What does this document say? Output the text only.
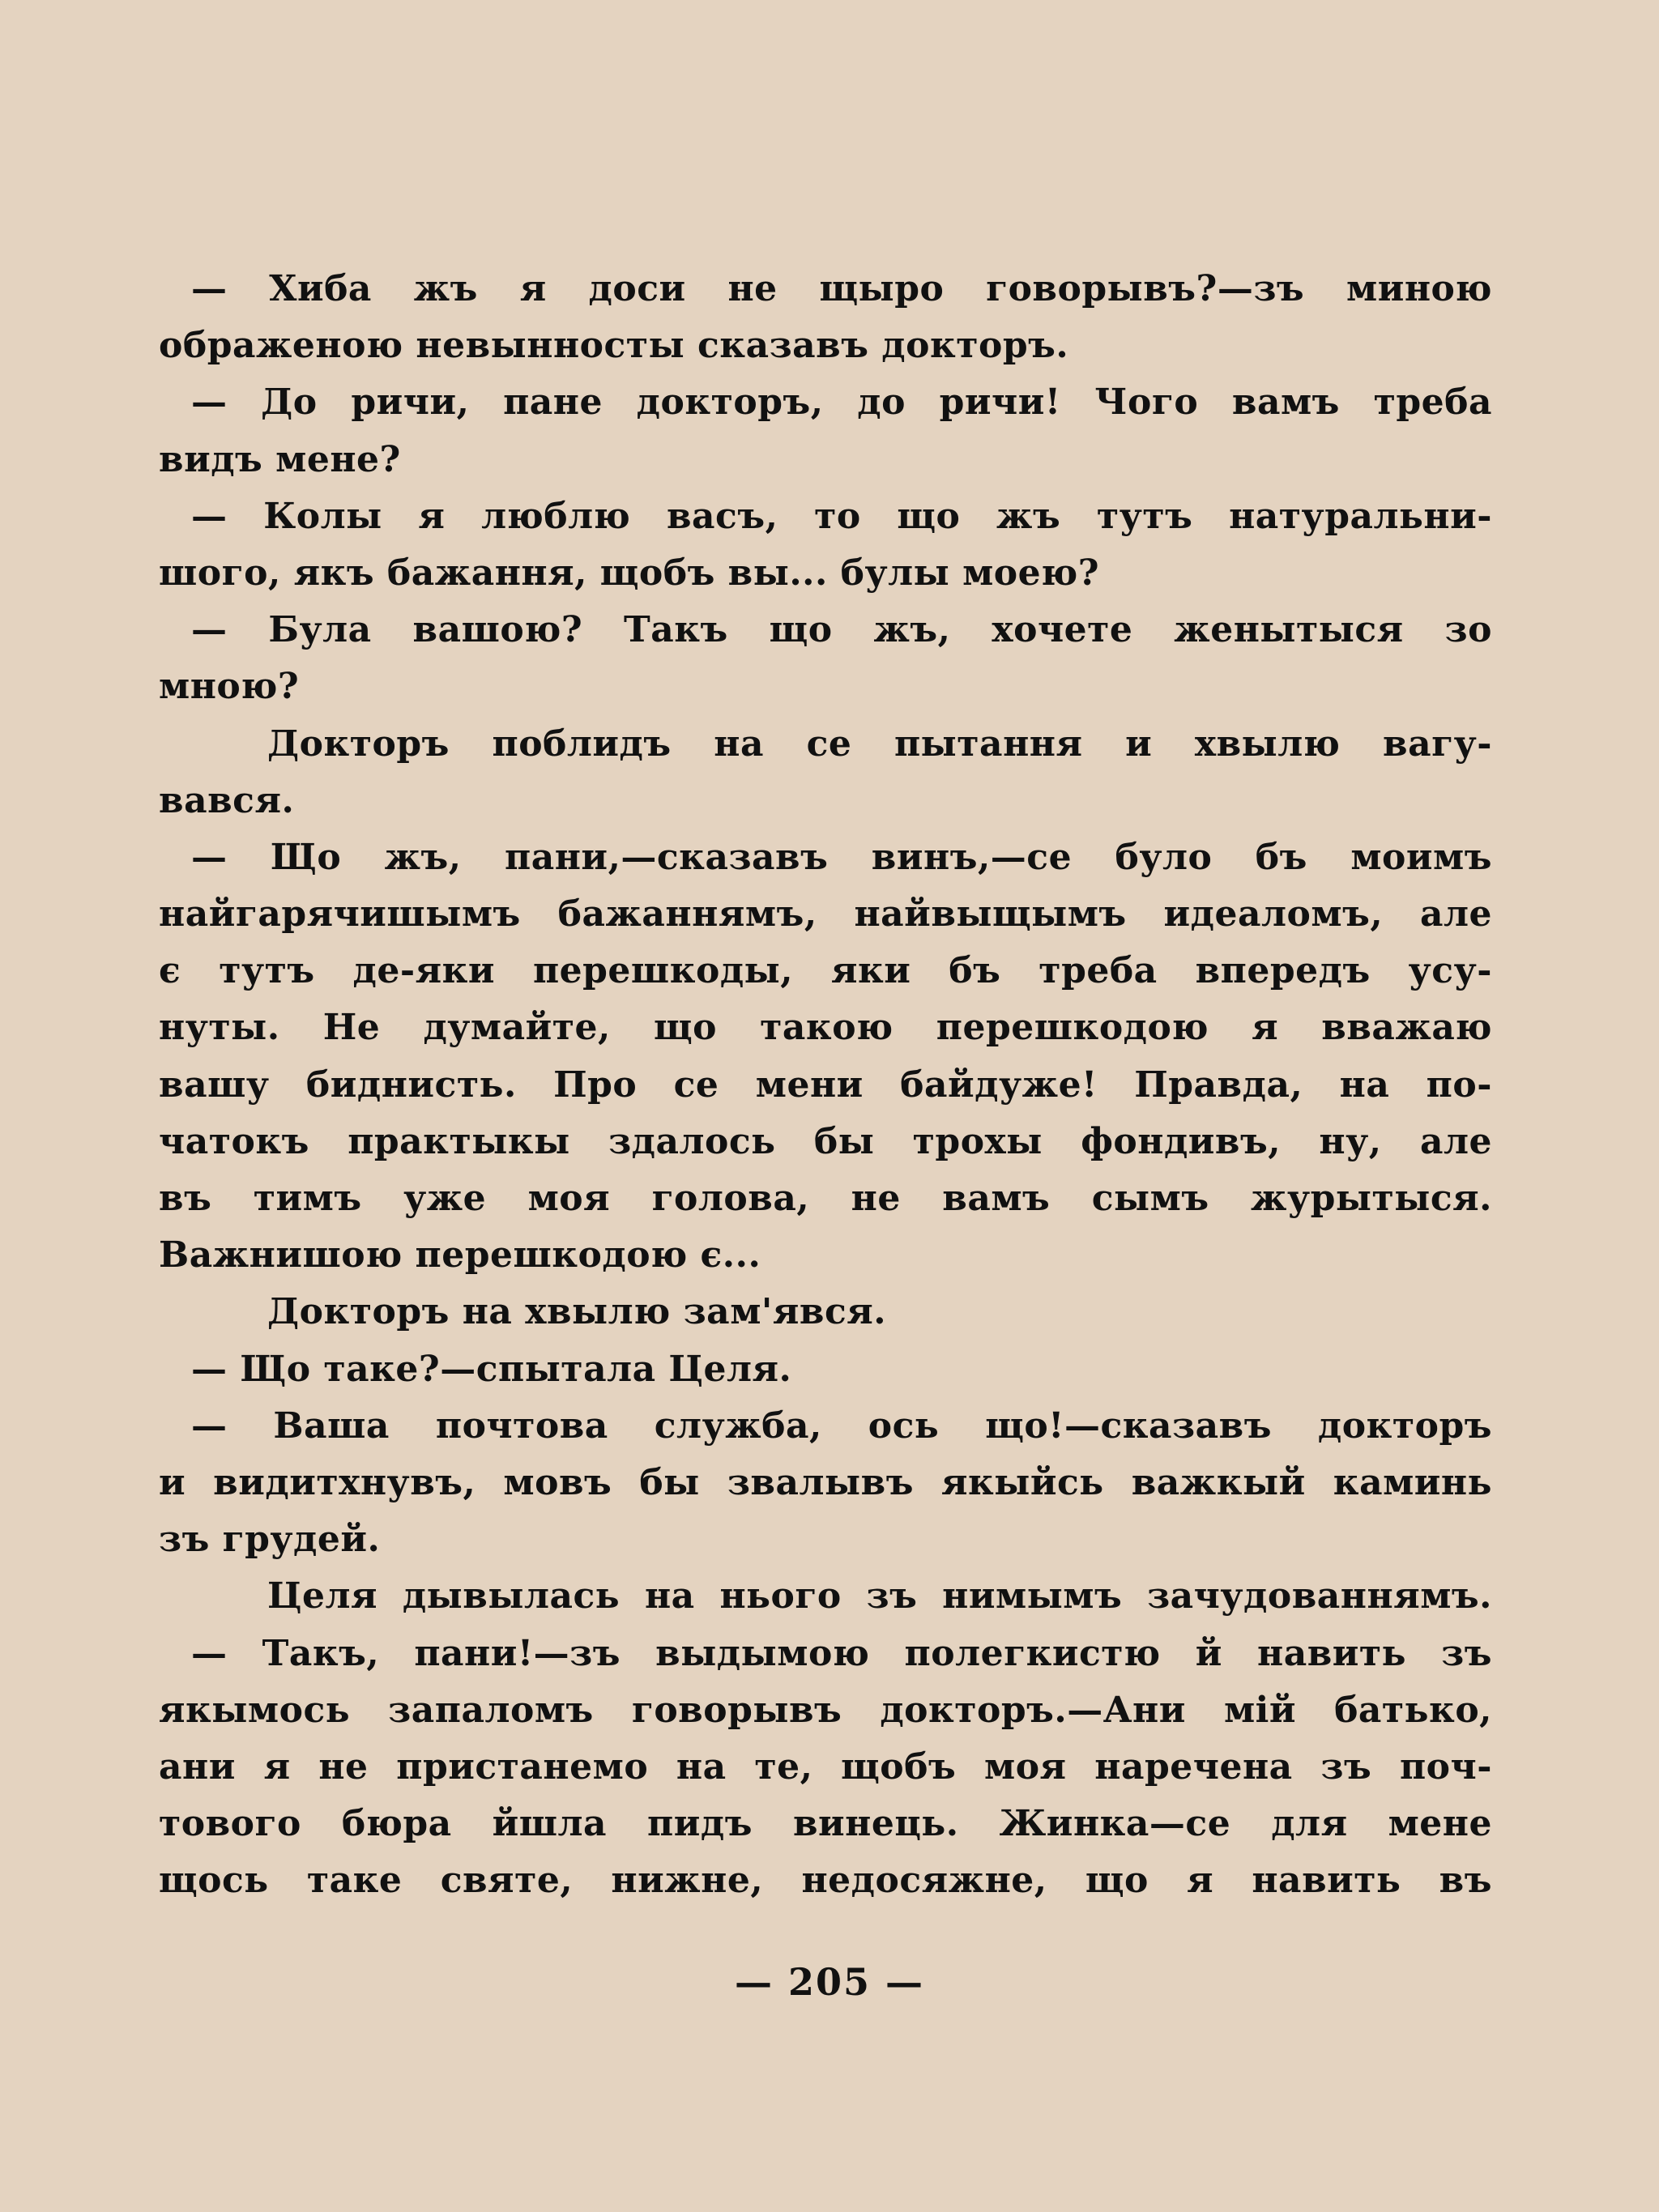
— Хиба жъ я доси не щыро говорывъ?—зъ миною
ображеною невынносты сказавъ докторъ.
— До ричи, пане докторъ, до ричи! Чого вамъ треба
видъ мене?
— Колы я люблю васъ, то що жъ тутъ натуральни-
шого, якъ бажання, щобъ вы... булы моею?
— Була вашою? Такъ що жъ, хочете женытыся зо
мною?
Докторъ поблидъ на се пытання и хвылю вагу-
вався.
— Що жъ, пани,—сказавъ винъ,—се було бъ моимъ
найгарячишымъ бажаннямъ, найвыщымъ идеаломъ, але
є тутъ де-яки перешкоды, яки бъ треба впередъ усу-
нуты. Не думайте, що такою перешкодою я вважаю
вашу биднисть. Про се мени байдуже! Правда, на по-
чатокъ практыкы здалось бы трохы фондивъ, ну, але
въ тимъ уже моя голова, не вамъ сымъ журытыся.
Важнишою перешкодою є...
Докторъ на хвылю зам'явся.
— Що таке?—спытала Целя.
— Ваша почтова служба, ось що!—сказавъ докторъ
и видитхнувъ, мовъ бы звалывъ якыйсь важкый каминь
зъ грудей.
Целя дывылась на нього зъ нимымъ зачудованнямъ.
— Такъ, пани!—зъ выдымою полегкистю й навить зъ
якымось запаломъ говорывъ докторъ.—Ани мій батько,
ани я не пристанемо на те, щобъ моя наречена зъ поч-
тового бюра йшла пидъ винець. Жинка—се для мене
щось таке святе, нижне, недосяжне, що я навить въ
— 205 —
